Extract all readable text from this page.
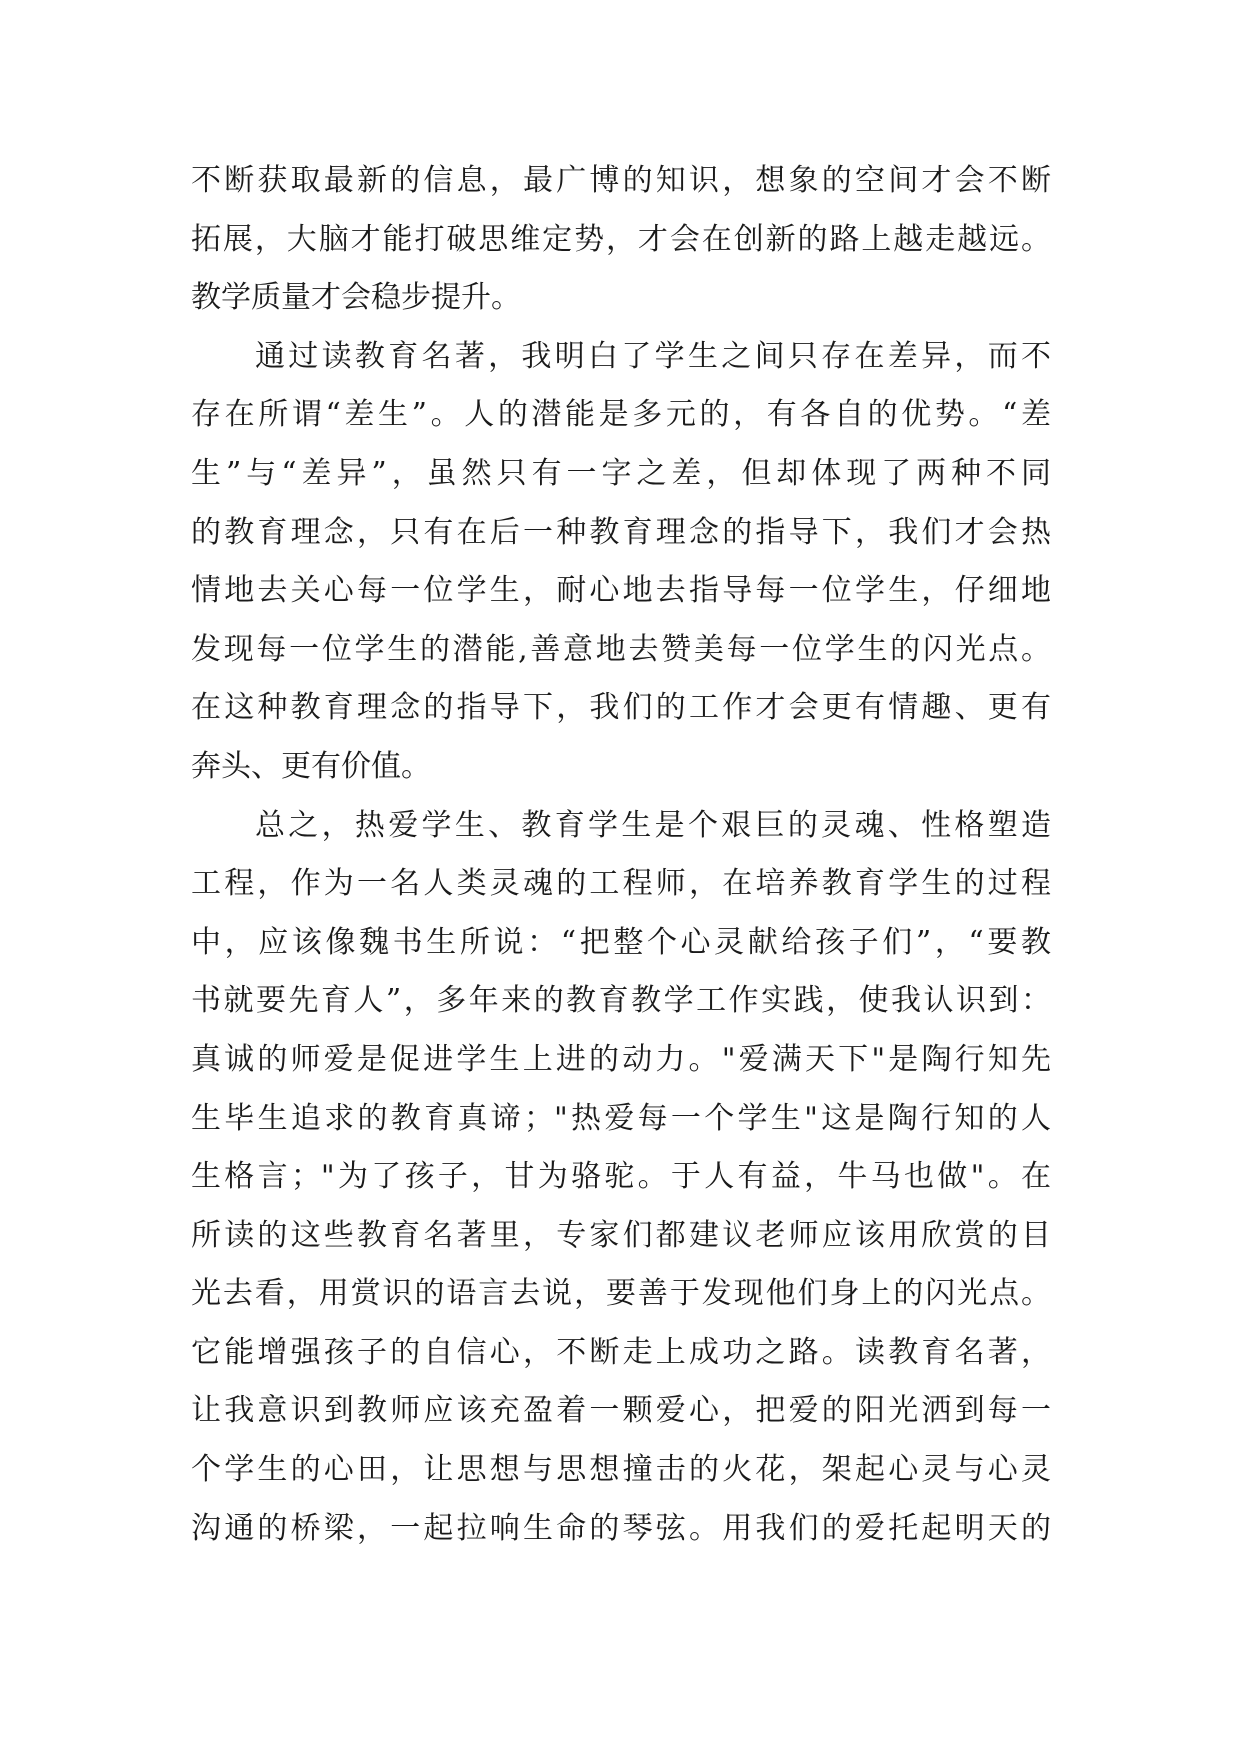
不断获取最新的信息，最广博的知识，想象的空间才会不断
拓展，大脑才能打破思维定势，才会在创新的路上越走越远。
教学质量才会稳步提升。
通过读教育名著，我明白了学生之间只存在差异，而不
存在所谓“差生”。人的潜能是多元的，有各自的优势。“差
生”与“差异”，虽然只有一字之差，但却体现了两种不同
的教育理念，只有在后一种教育理念的指导下，我们才会热
情地去关心每一位学生，耐心地去指导每一位学生，仔细地
发现每一位学生的潜能,善意地去赞美每一位学生的闪光点。
在这种教育理念的指导下，我们的工作才会更有情趣、更有
奔头、更有价值。
总之，热爱学生、教育学生是个艰巨的灵魂、性格塑造
工程，作为一名人类灵魂的工程师，在培养教育学生的过程
中，应该像魏书生所说：“把整个心灵献给孩子们”，“要教
书就要先育人”，多年来的教育教学工作实践，使我认识到：
真诚的师爱是促进学生上进的动力。"爱满天下"是陶行知先
生毕生追求的教育真谛；"热爱每一个学生"这是陶行知的人
生格言；"为了孩子，甘为骆驼。于人有益，牛马也做"。在
所读的这些教育名著里，专家们都建议老师应该用欣赏的目
光去看，用赏识的语言去说，要善于发现他们身上的闪光点。
它能增强孩子的自信心，不断走上成功之路。读教育名著，
让我意识到教师应该充盈着一颗爱心，把爱的阳光洒到每一
个学生的心田，让思想与思想撞击的火花，架起心灵与心灵
沟通的桥梁，一起拉响生命的琴弦。用我们的爱托起明天的
